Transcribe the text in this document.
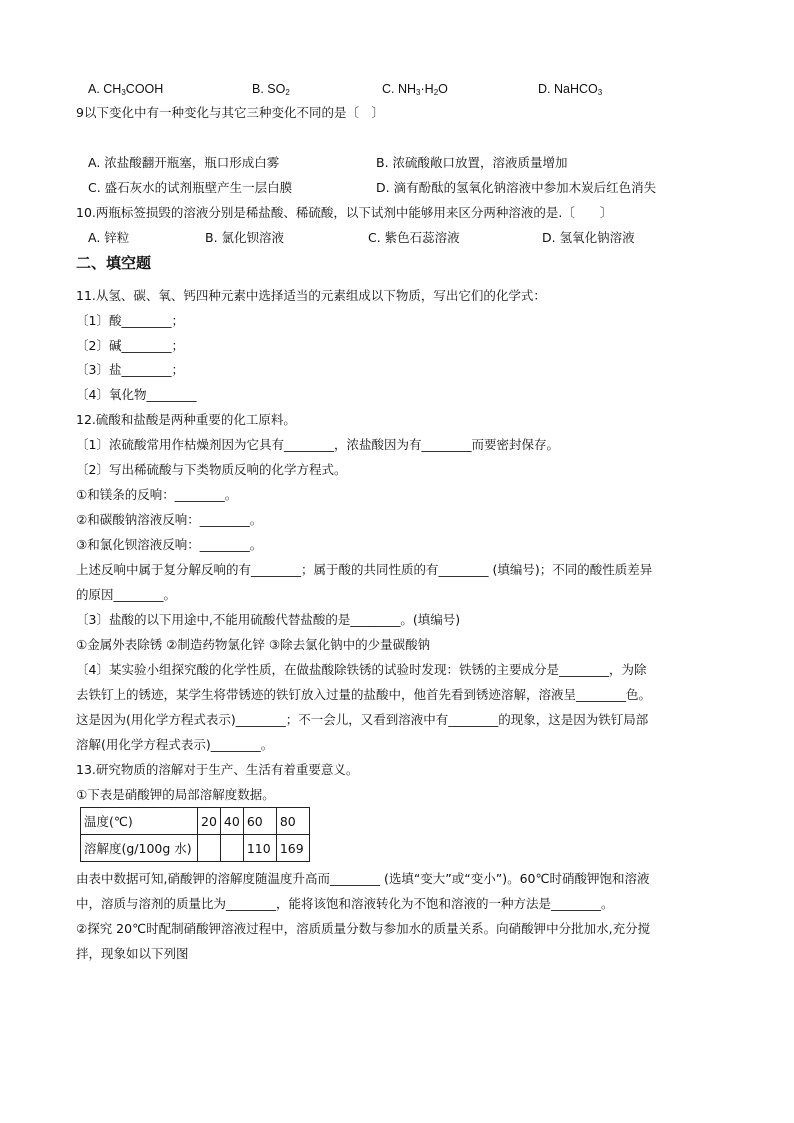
A. $CH_3COOH$	B. $SO_2$	C. $NH_3\cdot H_2O$	D. NaHCO$_3$
9以下变化中有一种变化与其它三种变化不同的是〔　〕
A. 浓盐酸翻开瓶塞，瓶口形成白雾	B. 浓硫酸敞口放置，溶液质量增加
C. 盛石灰水的试剂瓶壁产生一层白膜	D. 滴有酚酞的氢氧化钠溶液中参加木炭后红色消失
10.两瓶标签损毁的溶液分别是稀盐酸、稀硫酸，以下试剂中能够用来区分两种溶液的是.〔　　〕
A. 锌粒	B. 氯化钡溶液	C. 紫色石蕊溶液	D. 氢氧化钠溶液
二、填空题
11.从氢、碳、氧、钙四种元素中选择适当的元素组成以下物质，写出它们的化学式：
〔1〕酸________；
〔2〕碱________；
〔3〕盐________；
〔4〕氧化物________
12.硫酸和盐酸是两种重要的化工原料。
〔1〕浓硫酸常用作枯燥剂因为它具有________，浓盐酸因为有________而要密封保存。
〔2〕写出稀硫酸与下类物质反响的化学方程式。
①和镁条的反响：________。
②和碳酸钠溶液反响：________。
③和氯化钡溶液反响：________。
上述反响中属于复分解反响的有________；属于酸的共同性质的有________ (填编号)；不同的酸性质差异
的原因________。
〔3〕盐酸的以下用途中,不能用硫酸代替盐酸的是________。(填编号)
①金属外表除锈 ②制造药物氯化锌 ③除去氯化钠中的少量碳酸钠
〔4〕某实验小组探究酸的化学性质，在做盐酸除铁锈的试验时发现：铁锈的主要成分是________，为除
去铁钉上的锈迹，某学生将带锈迹的铁钉放入过量的盐酸中，他首先看到锈迹溶解，溶液呈________色。
这是因为(用化学方程式表示)________；不一会儿，又看到溶液中有________的现象，这是因为铁钉局部
溶解(用化学方程式表示)________。
13.研究物质的溶解对于生产、生活有着重要意义。
①下表是硝酸钾的局部溶解度数据。
温度(℃)	20	40	60	80
溶解度(g/100g 水)			110	169
由表中数据可知,硝酸钾的溶解度随温度升高而________ (选填“变大”或“变小”)。60℃时硝酸钾饱和溶液
中，溶质与溶剂的质量比为________，能将该饱和溶液转化为不饱和溶液的一种方法是________。
②探究 20℃时配制硝酸钾溶液过程中，溶质质量分数与参加水的质量关系。向硝酸钾中分批加水,充分搅
拌，现象如以下列图
